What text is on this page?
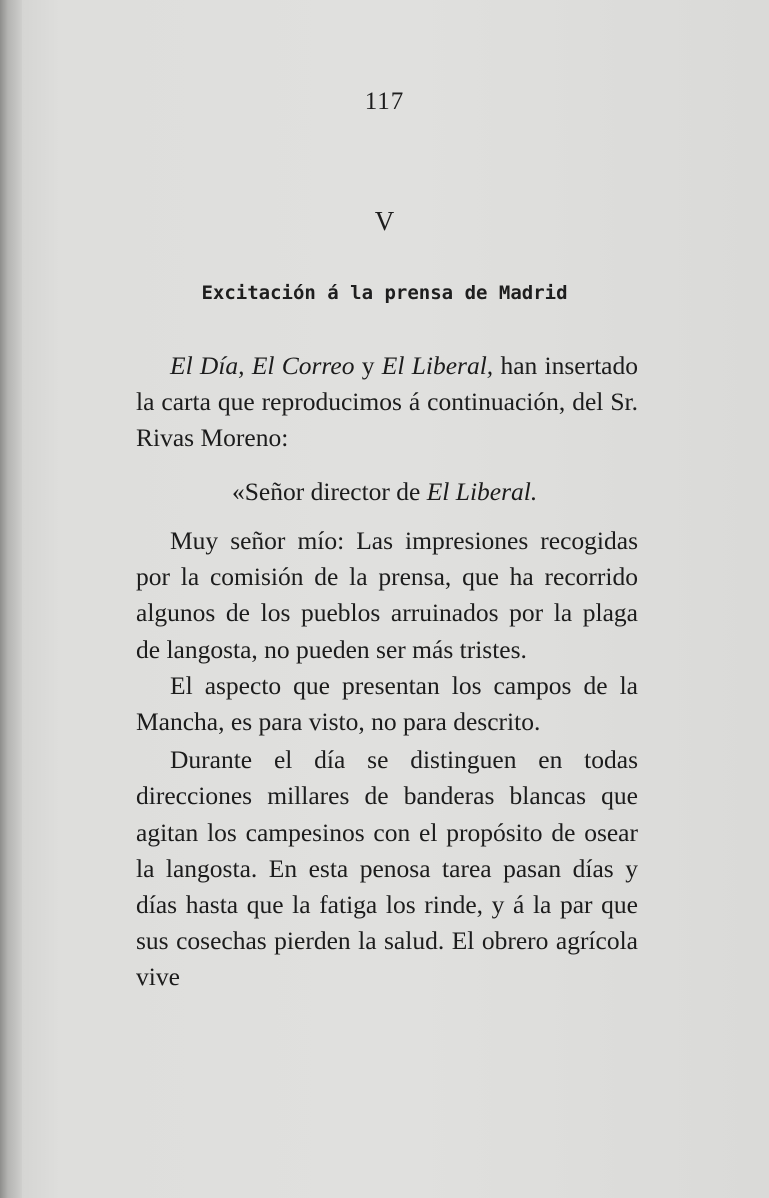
117
V
Excitación á la prensa de Madrid

El Día, El Correo y El Liberal, han insertado la carta que reproducimos á continuación, del Sr. Rivas Moreno:

«Señor director de El Liberal.

Muy señor mío: Las impresiones recogidas por la comisión de la prensa, que ha recorrido algunos de los pueblos arruinados por la plaga de langosta, no pueden ser más tristes.

El aspecto que presentan los campos de la Mancha, es para visto, no para descrito.

Durante el día se distinguen en todas direcciones millares de banderas blancas que agitan los campesinos con el propósito de osear la langosta. En esta penosa tarea pasan días y días hasta que la fatiga los rinde, y á la par que sus cosechas pierden la salud. El obrero agrícola vive
